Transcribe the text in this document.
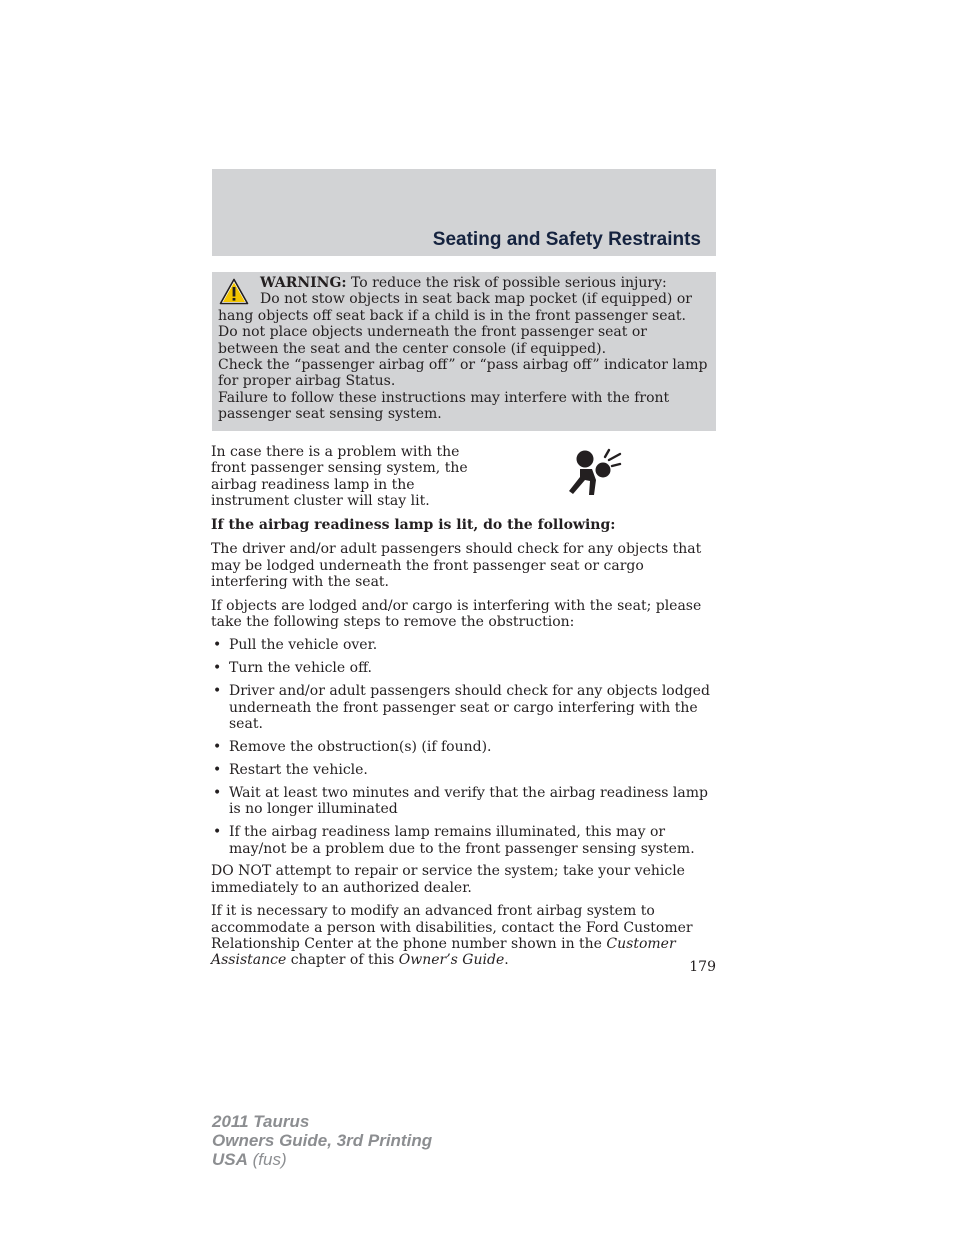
Seating and Safety Restraints

WARNING: To reduce the risk of possible serious injury:

Do not stow objects in seat back map pocket (if equipped) or

hang objects off seat back if a child is in the front passenger seat.

Do not place objects underneath the front passenger seat or between the seat and the center console (if equipped).

Check the “passenger airbag off” or “pass airbag off” indicator lamp for proper airbag Status.

Failure to follow these instructions may interfere with the front passenger seat sensing system.

In case there is a problem with the front passenger sensing system, the airbag readiness lamp in the instrument cluster will stay lit.

If the airbag readiness lamp is lit, do the following:

The driver and/or adult passengers should check for any objects that may be lodged underneath the front passenger seat or cargo interfering with the seat.

If objects are lodged and/or cargo is interfering with the seat; please take the following steps to remove the obstruction:

• Pull the vehicle over.
• Turn the vehicle off.
• Driver and/or adult passengers should check for any objects lodged underneath the front passenger seat or cargo interfering with the seat.
• Remove the obstruction(s) (if found).
• Restart the vehicle.
• Wait at least two minutes and verify that the airbag readiness lamp is no longer illuminated
• If the airbag readiness lamp remains illuminated, this may or may/not be a problem due to the front passenger sensing system.

DO NOT attempt to repair or service the system; take your vehicle immediately to an authorized dealer.

If it is necessary to modify an advanced front airbag system to accommodate a person with disabilities, contact the Ford Customer Relationship Center at the phone number shown in the Customer Assistance chapter of this Owner’s Guide.	179
2011 Taurus
Owners Guide, 3rd Printing
USA (fus)
